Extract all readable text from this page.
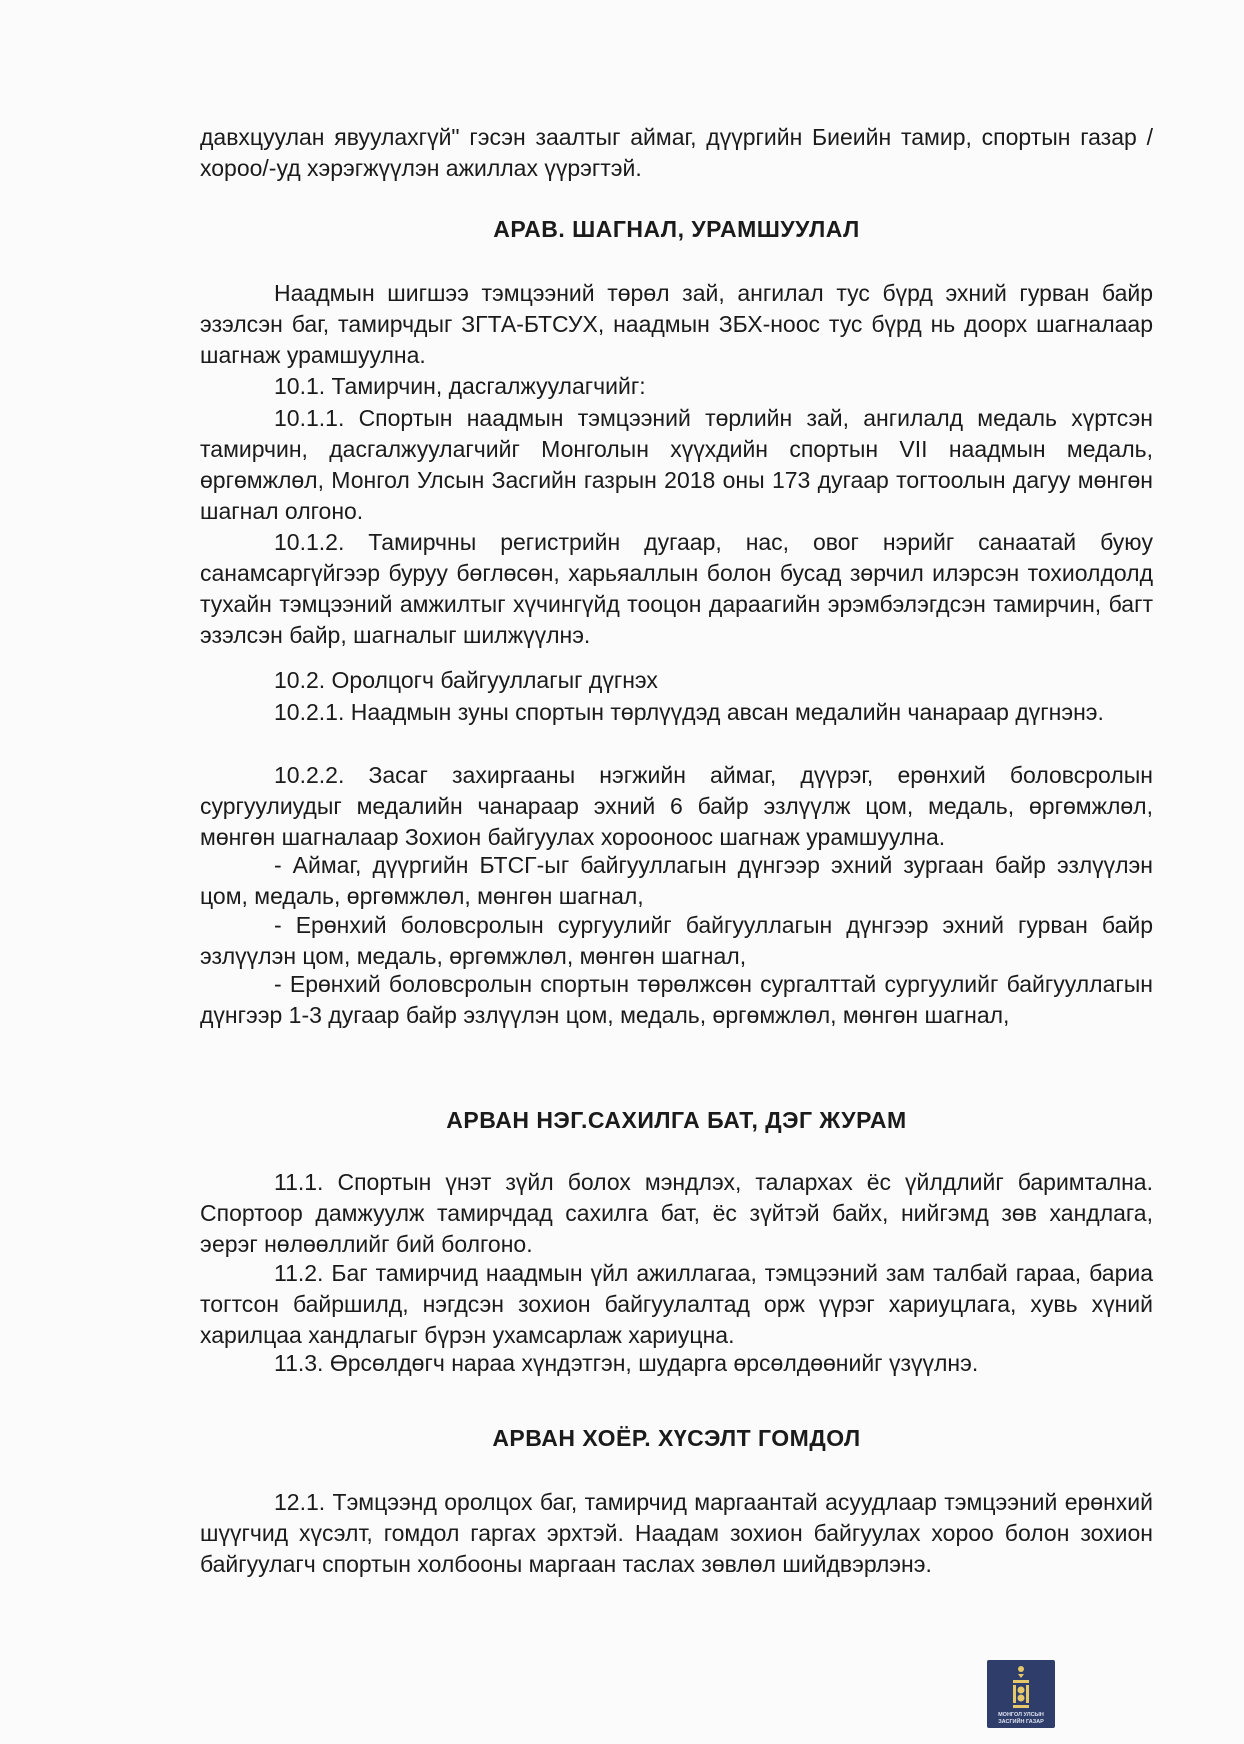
давхцуулан явуулахгүй" гэсэн заалтыг аймаг, дүүргийн Биеийн тамир, спортын газар /хороо/-уд хэрэгжүүлэн ажиллах үүрэгтэй.

АРАВ. ШАГНАЛ, УРАМШУУЛАЛ

Наадмын шигшээ тэмцээний төрөл зай, ангилал тус бүрд эхний гурван байр эзэлсэн баг, тамирчдыг ЗГТА-БТСУХ, наадмын ЗБХ-ноос тус бүрд нь доорх шагналаар шагнаж урамшуулна.

10.1. Тамирчин, дасгалжуулагчийг:

10.1.1. Спортын наадмын тэмцээний төрлийн зай, ангилалд медаль хүртсэн тамирчин, дасгалжуулагчийг Монголын хүүхдийн спортын VII наадмын медаль, өргөмжлөл, Монгол Улсын Засгийн газрын 2018 оны 173 дугаар тогтоолын дагуу мөнгөн шагнал олгоно.

10.1.2. Тамирчны регистрийн дугаар, нас, овог нэрийг санаатай буюу санамсаргүйгээр буруу бөглөсөн, харьяаллын болон бусад зөрчил илэрсэн тохиолдолд тухайн тэмцээний амжилтыг хүчингүйд тооцон дараагийн эрэмбэлэгдсэн тамирчин, багт эзэлсэн байр, шагналыг шилжүүлнэ.

10.2. Оролцогч байгууллагыг дүгнэх

10.2.1. Наадмын зуны спортын төрлүүдэд авсан медалийн чанараар дүгнэнэ.

10.2.2. Засаг захиргааны нэгжийн аймаг, дүүрэг, ерөнхий боловсролын сургуулиудыг медалийн чанараар эхний 6 байр эзлүүлж цом, медаль, өргөмжлөл, мөнгөн шагналаар Зохион байгуулах хорооноос шагнаж урамшуулна.

- Аймаг, дүүргийн БТСГ-ыг байгууллагын дүнгээр эхний зургаан байр эзлүүлэн цом, медаль, өргөмжлөл, мөнгөн шагнал,

- Ерөнхий боловсролын сургуулийг байгууллагын дүнгээр эхний гурван байр эзлүүлэн цом, медаль, өргөмжлөл, мөнгөн шагнал,

- Ерөнхий боловсролын спортын төрөлжсөн сургалттай сургуулийг байгууллагын дүнгээр 1-3 дугаар байр эзлүүлэн цом, медаль, өргөмжлөл, мөнгөн шагнал,

АРВАН НЭГ.САХИЛГА БАТ, ДЭГ ЖУРАМ

11.1. Спортын үнэт зүйл болох мэндлэх, талархах ёс үйлдлийг баримтална. Спортоор дамжуулж тамирчдад сахилга бат, ёс зүйтэй байх, нийгэмд зөв хандлага, эерэг нөлөөллийг бий болгоно.

11.2. Баг тамирчид наадмын үйл ажиллагаа, тэмцээний зам талбай гараа, бариа тогтсон байршилд, нэгдсэн зохион байгуулалтад орж үүрэг хариуцлага, хувь хүний харилцаа хандлагыг бүрэн ухамсарлаж хариуцна.

11.3. Өрсөлдөгч нараа хүндэтгэн, шударга өрсөлдөөнийг үзүүлнэ.

АРВАН ХОЁР. ХҮСЭЛТ ГОМДОЛ

12.1. Тэмцээнд оролцох баг, тамирчид маргаантай асуудлаар тэмцээний ерөнхий шүүгчид хүсэлт, гомдол гаргах эрхтэй. Наадам зохион байгуулах хороо болон зохион байгуулагч спортын холбооны маргаан таслах зөвлөл шийдвэрлэнэ.

МОНГОЛ УЛСЫН
ЗАСГИЙН ГАЗАР
